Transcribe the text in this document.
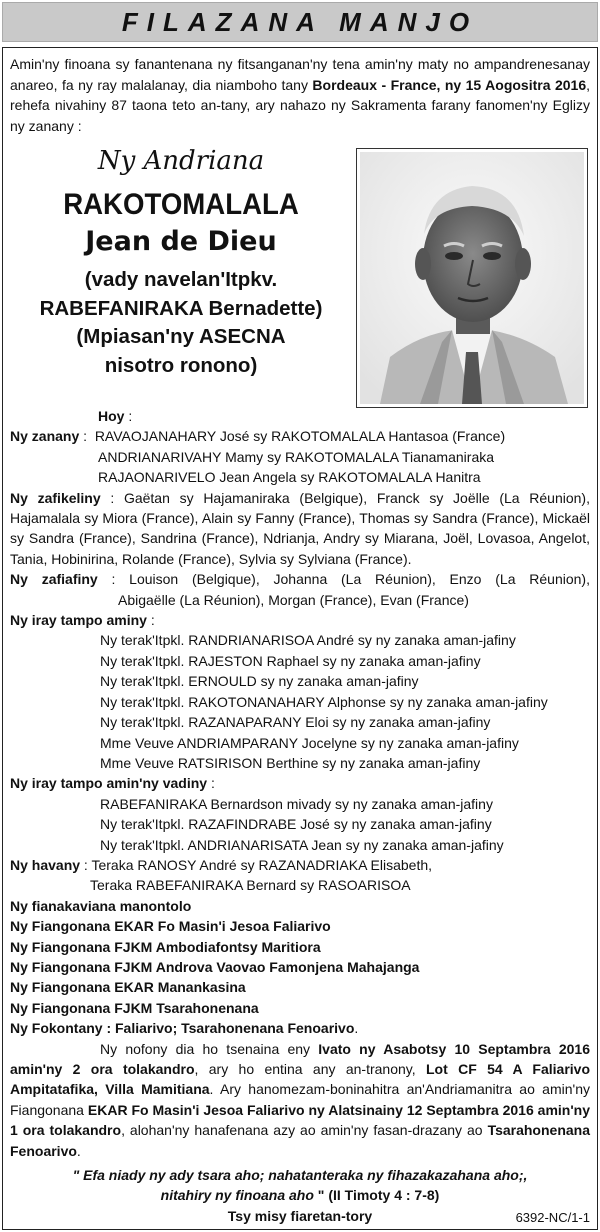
FILAZANA MANJO

Amin'ny finoana sy fanantenana ny fitsanganan'ny tena amin'ny maty no ampandrenesanay anareo, fa ny ray malalanay, dia niamboho tany Bordeaux - France, ny 15 Aogositra 2016, rehefa nivahiny 87 taona teto an-tany, ary nahazo ny Sakramenta farany fanomen'ny Eglizy ny zanany :

Ny Andriana
RAKOTOMALALA
Jean de Dieu
(vady navelan'Itpkv.
RABEFANIRAKA Bernadette)
(Mpiasan'ny ASECNA
nisotro ronono)
Hoy :
Ny zanany :  RAVAOJANAHARY José sy RAKOTOMALALA Hantasoa (France)
ANDRIANARIVAHY Mamy sy RAKOTOMALALA Tianamaniraka
RAJAONARIVELO Jean Angela sy RAKOTOMALALA Hanitra

Ny zafikeliny : Gaëtan sy Hajamaniraka (Belgique), Franck sy Joëlle (La Réunion), Hajamalala sy Miora (France), Alain sy Fanny (France), Thomas sy Sandra (France), Mickaël sy Sandra (France), Sandrina (France), Ndrianja, Andry sy Miarana, Joël, Lovasoa, Angelot, Tania, Hobinirina, Rolande (France), Sylvia sy Sylviana (France).

Ny zafiafiny : Louison (Belgique), Johanna (La Réunion), Enzo (La Réunion),

Abigaëlle (La Réunion), Morgan (France), Evan (France)
Ny iray tampo aminy :
Ny terak'Itpkl. RANDRIANARISOA André sy ny zanaka aman-jafiny
Ny terak'Itpkl. RAJESTON Raphael sy ny zanaka aman-jafiny
Ny terak'Itpkl. ERNOULD sy ny zanaka aman-jafiny
Ny terak'Itpkl. RAKOTONANAHARY Alphonse sy ny zanaka aman-jafiny
Ny terak'Itpkl. RAZANAPARANY Eloi sy ny zanaka aman-jafiny
Mme Veuve ANDRIAMPARANY Jocelyne sy ny zanaka aman-jafiny
Mme Veuve RATSIRISON Berthine sy ny zanaka aman-jafiny
Ny iray tampo amin'ny vadiny :
RABEFANIRAKA Bernardson mivady sy ny zanaka aman-jafiny
Ny terak'Itpkl. RAZAFINDRABE José sy ny zanaka aman-jafiny
Ny terak'Itpkl. ANDRIANARISATA Jean sy ny zanaka aman-jafiny
Ny havany : Teraka RANOSY André sy RAZANADRIAKA Elisabeth,
Teraka RABEFANIRAKA Bernard sy RASOARISOA
Ny fianakaviana manontolo
Ny Fiangonana EKAR Fo Masin'i Jesoa Faliarivo
Ny Fiangonana FJKM Ambodiafontsy Maritiora
Ny Fiangonana FJKM Androva Vaovao Famonjena Mahajanga
Ny Fiangonana EKAR Manankasina
Ny Fiangonana FJKM Tsarahonenana
Ny Fokontany : Faliarivo; Tsarahonenana Fenoarivo.

Ny nofony dia ho tsenaina eny Ivato ny Asabotsy 10 Septambra 2016 amin'ny 2 ora tolakandro, ary ho entina any an-tranony, Lot CF 54 A Faliarivo Ampitatafika, Villa Mamitiana. Ary hanomezam-boninahitra an'Andriamanitra ao amin'ny Fiangonana EKAR Fo Masin'i Jesoa Faliarivo ny Alatsinainy 12 Septambra 2016 amin'ny 1 ora tolakandro, alohan'ny hanafenana azy ao amin'ny fasan-drazany ao Tsarahonenana Fenoarivo.

" Efa niady ny ady tsara aho; nahatanteraka ny fihazakazahana aho;,
nitahiry ny finoana aho " (II Timoty 4 : 7-8)
Tsy misy fiaretan-tory	6392-NC/1-1
